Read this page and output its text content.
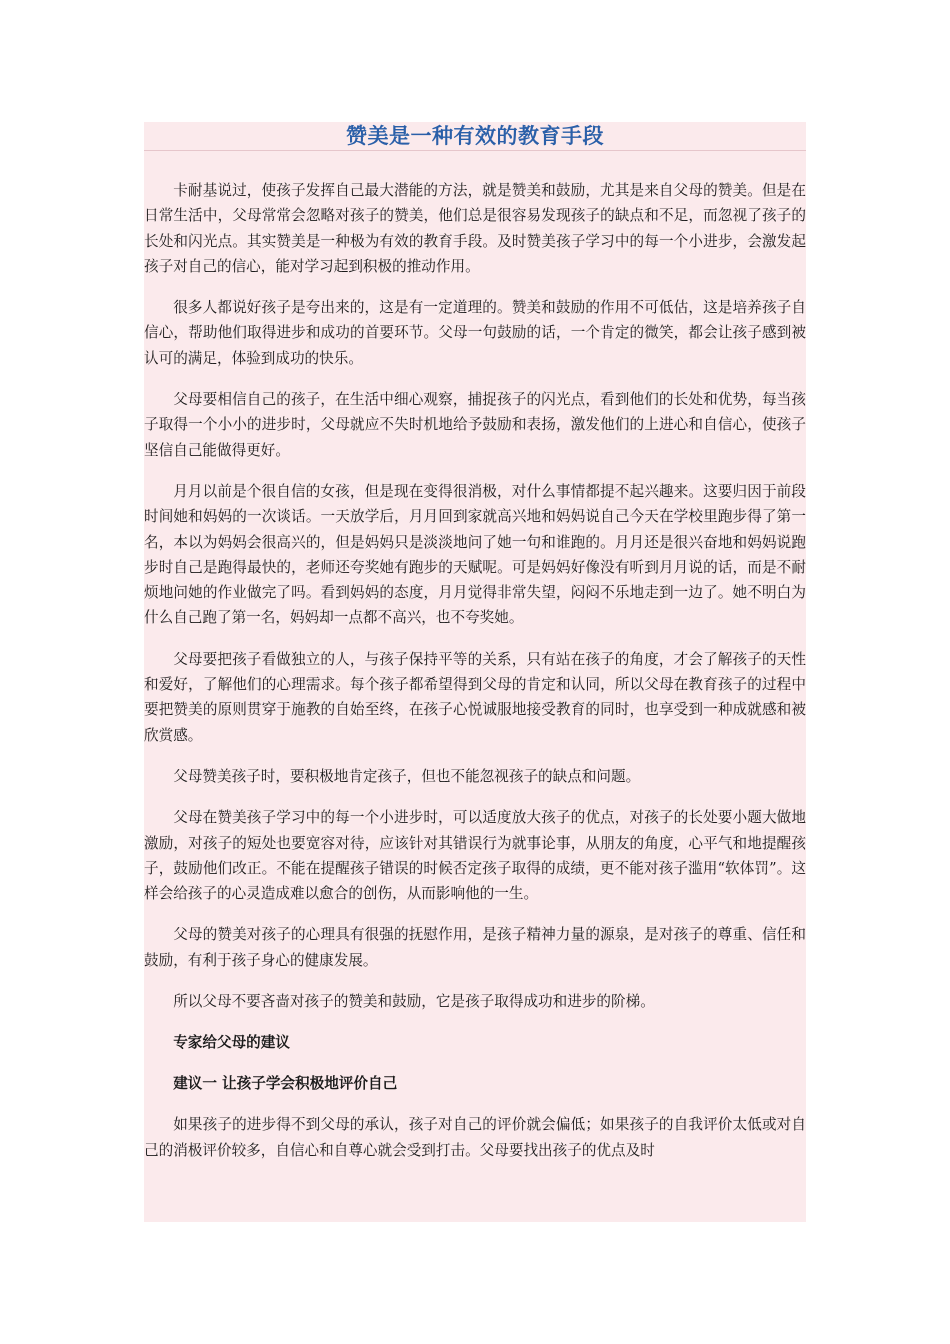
赞美是一种有效的教育手段

卡耐基说过，使孩子发挥自己最大潜能的方法，就是赞美和鼓励，尤其是来自父母的赞美。但是在日常生活中，父母常常会忽略对孩子的赞美，他们总是很容易发现孩子的缺点和不足，而忽视了孩子的长处和闪光点。其实赞美是一种极为有效的教育手段。及时赞美孩子学习中的每一个小进步，会激发起孩子对自己的信心，能对学习起到积极的推动作用。

很多人都说好孩子是夸出来的，这是有一定道理的。赞美和鼓励的作用不可低估，这是培养孩子自信心，帮助他们取得进步和成功的首要环节。父母一句鼓励的话，一个肯定的微笑，都会让孩子感到被认可的满足，体验到成功的快乐。

父母要相信自己的孩子，在生活中细心观察，捕捉孩子的闪光点，看到他们的长处和优势，每当孩子取得一个小小的进步时，父母就应不失时机地给予鼓励和表扬，激发他们的上进心和自信心，使孩子坚信自己能做得更好。

月月以前是个很自信的女孩，但是现在变得很消极，对什么事情都提不起兴趣来。这要归因于前段时间她和妈妈的一次谈话。一天放学后，月月回到家就高兴地和妈妈说自己今天在学校里跑步得了第一名，本以为妈妈会很高兴的，但是妈妈只是淡淡地问了她一句和谁跑的。月月还是很兴奋地和妈妈说跑步时自己是跑得最快的，老师还夸奖她有跑步的天赋呢。可是妈妈好像没有听到月月说的话，而是不耐烦地问她的作业做完了吗。看到妈妈的态度，月月觉得非常失望，闷闷不乐地走到一边了。她不明白为什么自己跑了第一名，妈妈却一点都不高兴，也不夸奖她。

父母要把孩子看做独立的人，与孩子保持平等的关系，只有站在孩子的角度，才会了解孩子的天性和爱好，了解他们的心理需求。每个孩子都希望得到父母的肯定和认同，所以父母在教育孩子的过程中要把赞美的原则贯穿于施教的自始至终，在孩子心悦诚服地接受教育的同时，也享受到一种成就感和被欣赏感。

父母赞美孩子时，要积极地肯定孩子，但也不能忽视孩子的缺点和问题。

父母在赞美孩子学习中的每一个小进步时，可以适度放大孩子的优点，对孩子的长处要小题大做地激励，对孩子的短处也要宽容对待，应该针对其错误行为就事论事，从朋友的角度，心平气和地提醒孩子，鼓励他们改正。不能在提醒孩子错误的时候否定孩子取得的成绩，更不能对孩子滥用“软体罚”。这样会给孩子的心灵造成难以愈合的创伤，从而影响他的一生。

父母的赞美对孩子的心理具有很强的抚慰作用，是孩子精神力量的源泉，是对孩子的尊重、信任和鼓励，有利于孩子身心的健康发展。

所以父母不要吝啬对孩子的赞美和鼓励，它是孩子取得成功和进步的阶梯。

专家给父母的建议

建议一 让孩子学会积极地评价自己

如果孩子的进步得不到父母的承认，孩子对自己的评价就会偏低；如果孩子的自我评价太低或对自己的消极评价较多，自信心和自尊心就会受到打击。父母要找出孩子的优点及时
